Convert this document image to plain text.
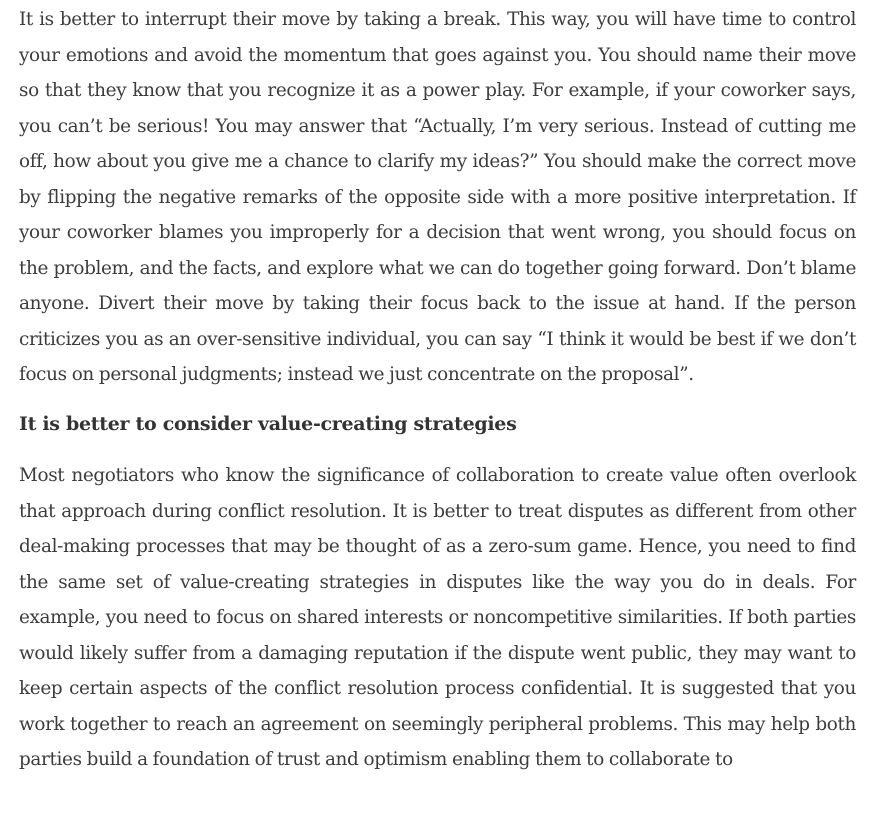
It is better to interrupt their move by taking a break. This way, you will have time to control your emotions and avoid the momentum that goes against you. You should name their move so that they know that you recognize it as a power play. For example, if your coworker says, you can’t be serious! You may answer that “Actually, I’m very serious. Instead of cutting me off, how about you give me a chance to clarify my ideas?” You should make the correct move by flipping the negative remarks of the opposite side with a more positive interpretation. If your coworker blames you improperly for a decision that went wrong, you should focus on the problem, and the facts, and explore what we can do together going forward. Don’t blame anyone. Divert their move by taking their focus back to the issue at hand. If the person criticizes you as an over-sensitive individual, you can say “I think it would be best if we don’t focus on personal judgments; instead we just concentrate on the proposal”.

It is better to consider value-creating strategies

Most negotiators who know the significance of collaboration to create value often overlook that approach during conflict resolution. It is better to treat disputes as different from other deal-making processes that may be thought of as a zero-sum game. Hence, you need to find the same set of value-creating strategies in disputes like the way you do in deals. For example, you need to focus on shared interests or noncompetitive similarities. If both parties would likely suffer from a damaging reputation if the dispute went public, they may want to keep certain aspects of the conflict resolution process confidential. It is suggested that you work together to reach an agreement on seemingly peripheral problems. This may help both parties build a foundation of trust and optimism enabling them to collaborate to
